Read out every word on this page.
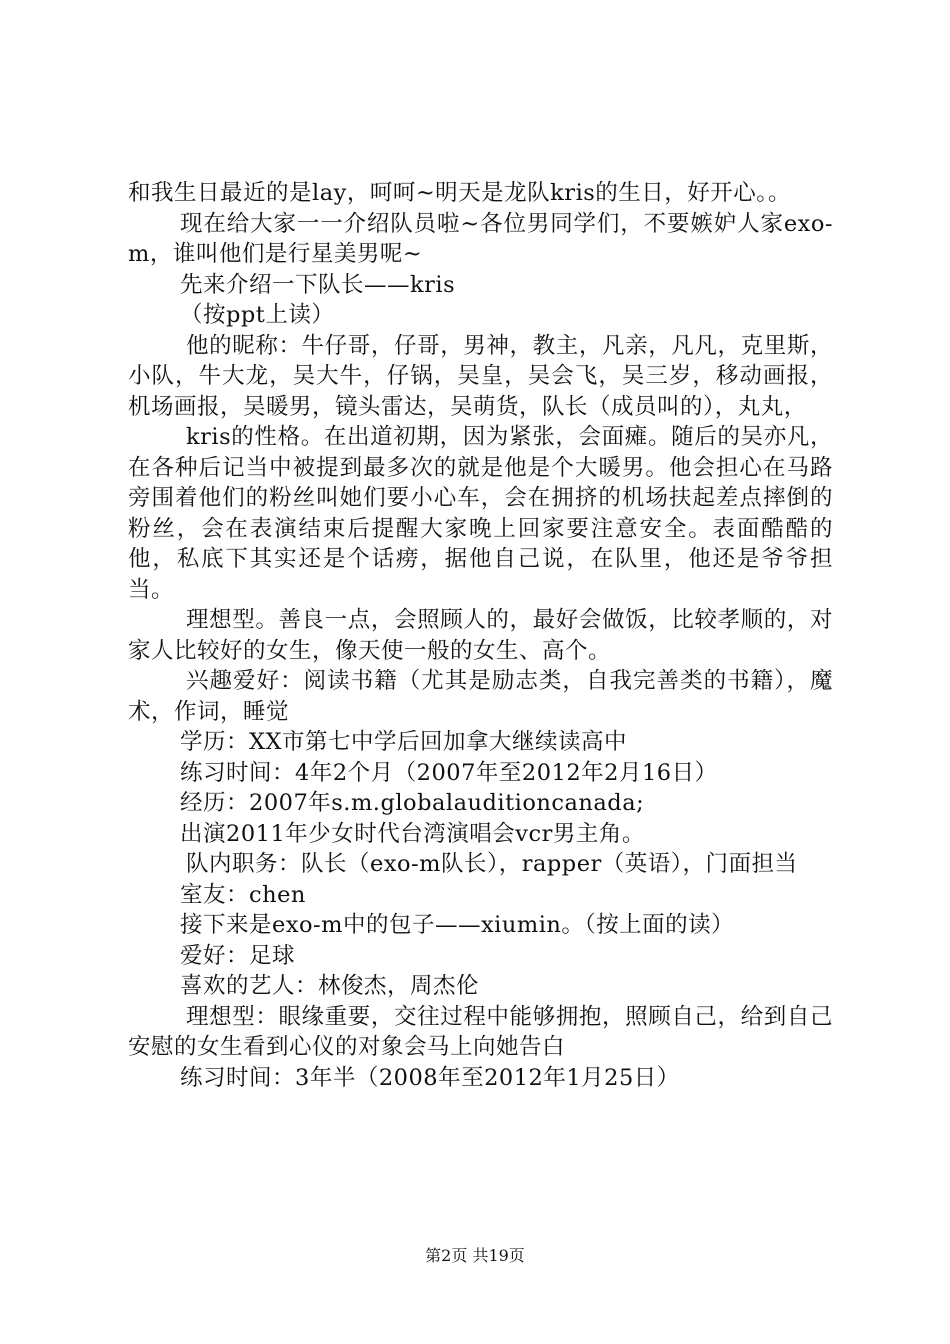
和我生日最近的是lay，呵呵~明天是龙队kris的生日，好开心。。

现在给大家一一介绍队员啦~各位男同学们，不要嫉妒人家exo-m，谁叫他们是行星美男呢~

先来介绍一下队长——kris

（按ppt上读）

他的昵称：牛仔哥，仔哥，男神，教主，凡亲，凡凡，克里斯，小队，牛大龙，吴大牛，仔锅，吴皇，吴会飞，吴三岁，移动画报，机场画报，吴暖男，镜头雷达，吴萌货，队长（成员叫的），丸丸，

kris的性格。在出道初期，因为紧张，会面瘫。随后的吴亦凡，在各种后记当中被提到最多次的就是他是个大暖男。他会担心在马路旁围着他们的粉丝叫她们要小心车，会在拥挤的机场扶起差点摔倒的粉丝，会在表演结束后提醒大家晚上回家要注意安全。表面酷酷的他，私底下其实还是个话痨，据他自己说，在队里，他还是爷爷担当。

理想型。善良一点，会照顾人的，最好会做饭，比较孝顺的，对家人比较好的女生，像天使一般的女生、高个。

兴趣爱好：阅读书籍（尤其是励志类，自我完善类的书籍），魔术，作词，睡觉

学历：XX市第七中学后回加拿大继续读高中

练习时间：4年2个月（2007年至2012年2月16日）

经历：2007年s.m.globalauditioncanada;

出演2011年少女时代台湾演唱会vcr男主角。

队内职务：队长（exo-m队长），rapper（英语），门面担当

室友：chen

接下来是exo-m中的包子——xiumin。（按上面的读）

爱好：足球

喜欢的艺人：林俊杰，周杰伦

理想型：眼缘重要，交往过程中能够拥抱，照顾自己，给到自己安慰的女生看到心仪的对象会马上向她告白

练习时间：3年半（2008年至2012年1月25日）

第2页 共19页
